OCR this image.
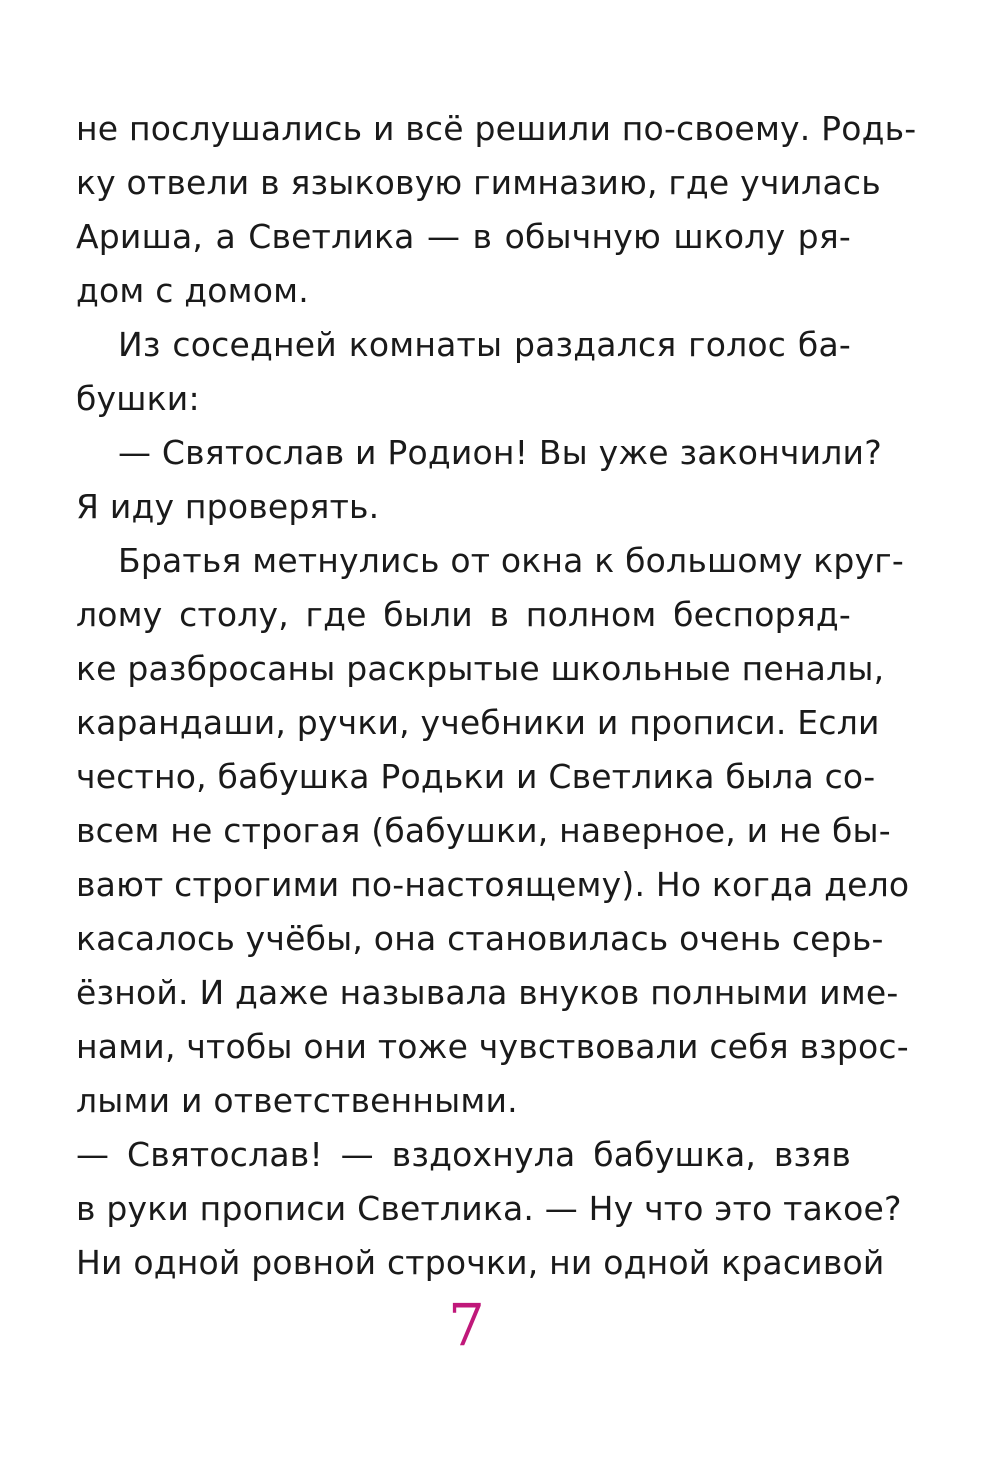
не послушались и всё решили по-своему. Родь-
ку отвели в языковую гимназию, где училась
Ариша, а Светлика — в обычную школу ря-
дом с домом.
Из соседней комнаты раздался голос ба-
бушки:
— Святослав и Родион! Вы уже закончили?
Я иду проверять.
Братья метнулись от окна к большому круг-
лому столу, где были в полном беспоряд-
ке разбросаны раскрытые школьные пеналы,
карандаши, ручки, учебники и прописи. Если
честно, бабушка Родьки и Светлика была со-
всем не строгая (бабушки, наверное, и не бы-
вают строгими по-настоящему). Но когда дело
касалось учёбы, она становилась очень серь-
ёзной. И даже называла внуков полными име-
нами, чтобы они тоже чувствовали себя взрос-
лыми и ответственными.
— Святослав! — вздохнула бабушка, взяв
в руки прописи Светлика. — Ну что это такое?
Ни одной ровной строчки, ни одной красивой
7
